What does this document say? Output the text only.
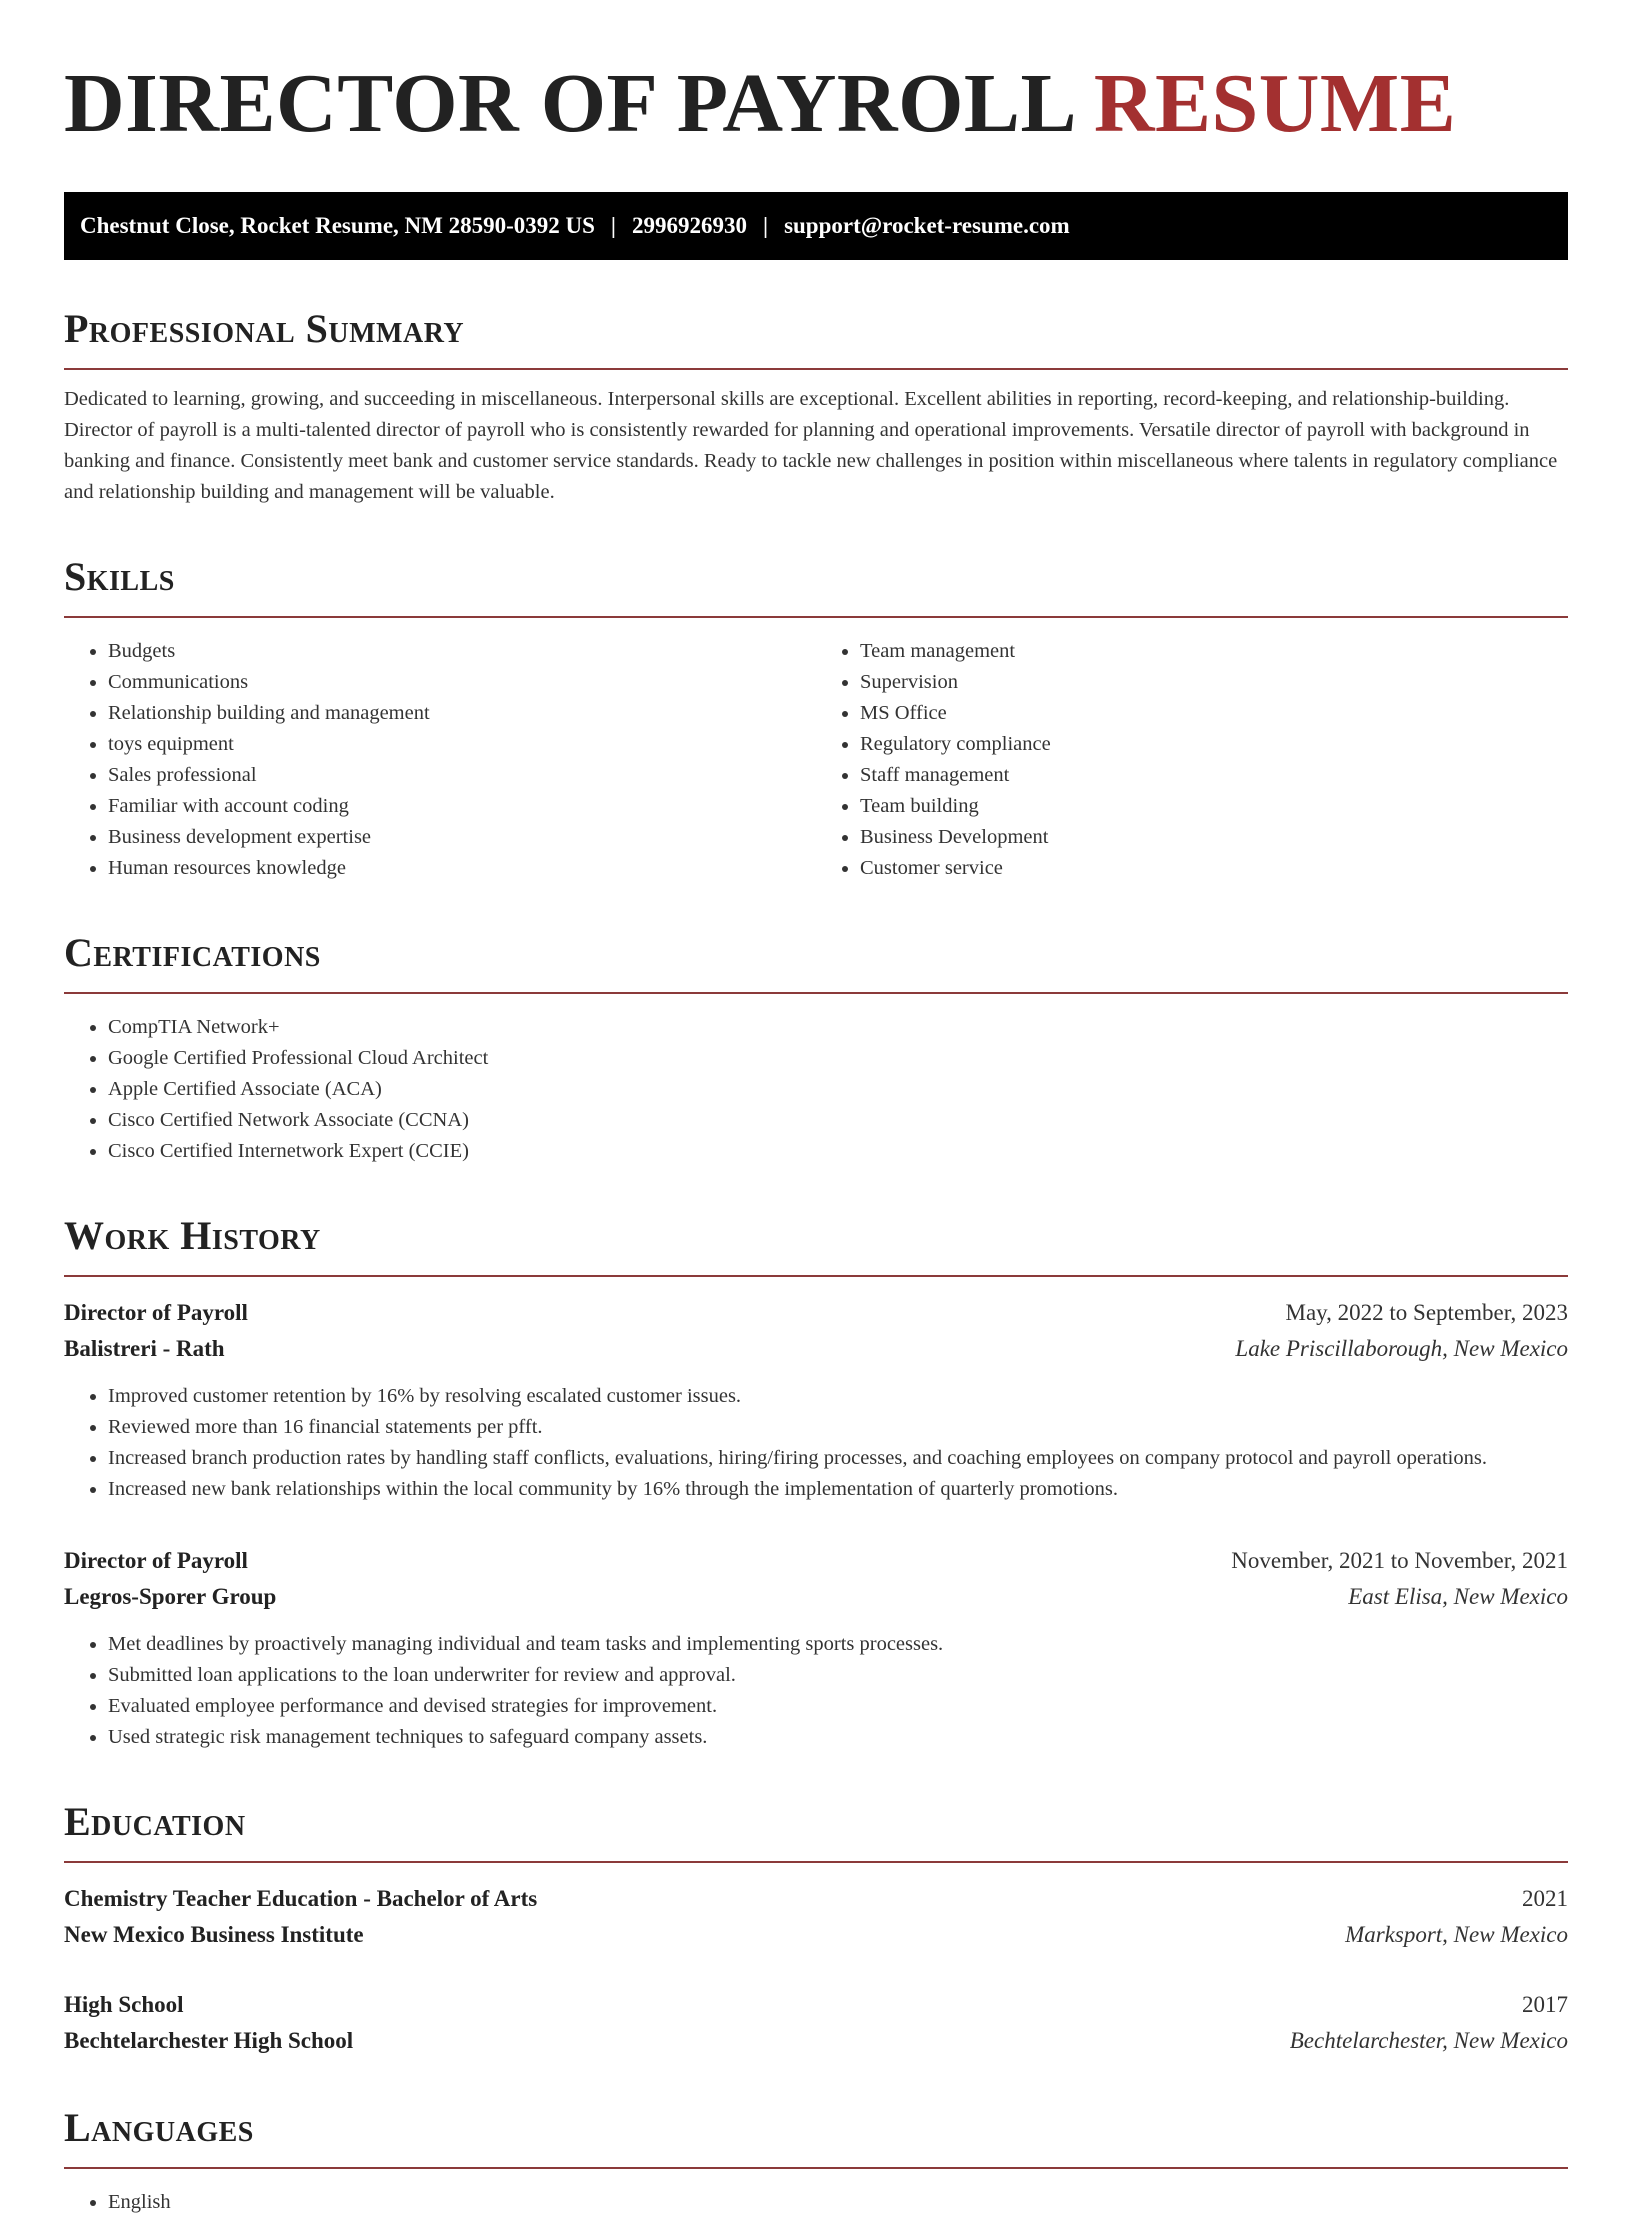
DIRECTOR OF PAYROLL RESUME
Chestnut Close, Rocket Resume, NM 28590-0392 US | 2996926930 | support@rocket-resume.com
Professional Summary

Dedicated to learning, growing, and succeeding in miscellaneous. Interpersonal skills are exceptional. Excellent abilities in reporting, record-keeping, and relationship-building. Director of payroll is a multi-talented director of payroll who is consistently rewarded for planning and operational improvements. Versatile director of payroll with background in banking and finance. Consistently meet bank and customer service standards. Ready to tackle new challenges in position within miscellaneous where talents in regulatory compliance and relationship building and management will be valuable.

Skills
• Budgets
• Communications
• Relationship building and management
• toys equipment
• Sales professional
• Familiar with account coding
• Business development expertise
• Human resources knowledge
• Team management
• Supervision
• MS Office
• Regulatory compliance
• Staff management
• Team building
• Business Development
• Customer service
Certifications
• CompTIA Network+
• Google Certified Professional Cloud Architect
• Apple Certified Associate (ACA)
• Cisco Certified Network Associate (CCNA)
• Cisco Certified Internetwork Expert (CCIE)
Work History
Director of Payroll	May, 2022 to September, 2023
Balistreri - Rath	Lake Priscillaborough, New Mexico
• Improved customer retention by 16% by resolving escalated customer issues.
• Reviewed more than 16 financial statements per pfft.
• Increased branch production rates by handling staff conflicts, evaluations, hiring/firing processes, and coaching employees on company protocol and payroll operations.
• Increased new bank relationships within the local community by 16% through the implementation of quarterly promotions.
Director of Payroll	November, 2021 to November, 2021
Legros-Sporer Group	East Elisa, New Mexico
• Met deadlines by proactively managing individual and team tasks and implementing sports processes.
• Submitted loan applications to the loan underwriter for review and approval.
• Evaluated employee performance and devised strategies for improvement.
• Used strategic risk management techniques to safeguard company assets.
Education
Chemistry Teacher Education - Bachelor of Arts	2021
New Mexico Business Institute	Marksport, New Mexico
High School	2017
Bechtelarchester High School	Bechtelarchester, New Mexico
Languages
• English
